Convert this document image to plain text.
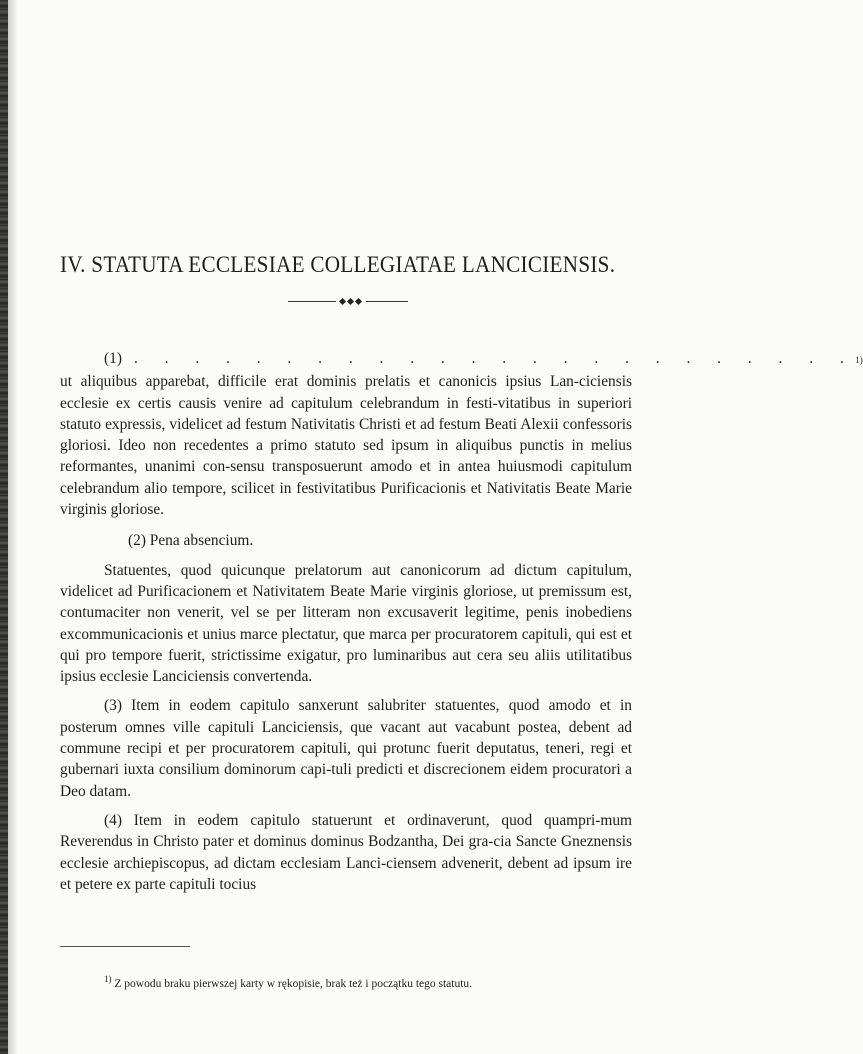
IV. STATUTA ECCLESIAE COLLEGIATAE LANCICIENSIS.
(1) . . . . . . . . . . . . . . . . . . . . . . . . 1)

ut aliquibus apparebat, difficile erat dominis prelatis et canonicis ipsius Lan-ciciensis ecclesie ex certis causis venire ad capitulum celebrandum in festi-vitatibus in superiori statuto expressis, videlicet ad festum Nativitatis Christi et ad festum Beati Alexii confessoris gloriosi. Ideo non recedentes a primo statuto sed ipsum in aliquibus punctis in melius reformantes, unanimi con-sensu transposuerunt amodo et in antea huiusmodi capitulum celebrandum alio tempore, scilicet in festivitatibus Purificacionis et Nativitatis Beate Marie virginis gloriose.

(2) Pena absencium.

Statuentes, quod quicunque prelatorum aut canonicorum ad dictum capitulum, videlicet ad Purificacionem et Nativitatem Beate Marie virginis gloriose, ut premissum est, contumaciter non venerit, vel se per litteram non excusaverit legitime, penis inobediens excommunicacionis et unius marce plectatur, que marca per procuratorem capituli, qui est et qui pro tempore fuerit, strictissime exigatur, pro luminaribus aut cera seu aliis utilitatibus ipsius ecclesie Lanciciensis convertenda.

(3) Item in eodem capitulo sanxerunt salubriter statuentes, quod amodo et in posterum omnes ville capituli Lanciciensis, que vacant aut vacabunt postea, debent ad commune recipi et per procuratorem capituli, qui protunc fuerit deputatus, teneri, regi et gubernari iuxta consilium dominorum capi-tuli predicti et discrecionem eidem procuratori a Deo datam.

(4) Item in eodem capitulo statuerunt et ordinaverunt, quod quampri-mum Reverendus in Christo pater et dominus dominus Bodzantha, Dei gra-cia Sancte Gneznensis ecclesie archiepiscopus, ad dictam ecclesiam Lanci-ciensem advenerit, debent ad ipsum ire et petere ex parte capituli tocius

$^{1)}$ Z powodu braku pierwszej karty w rękopisie, brak też i początku tego statutu.
